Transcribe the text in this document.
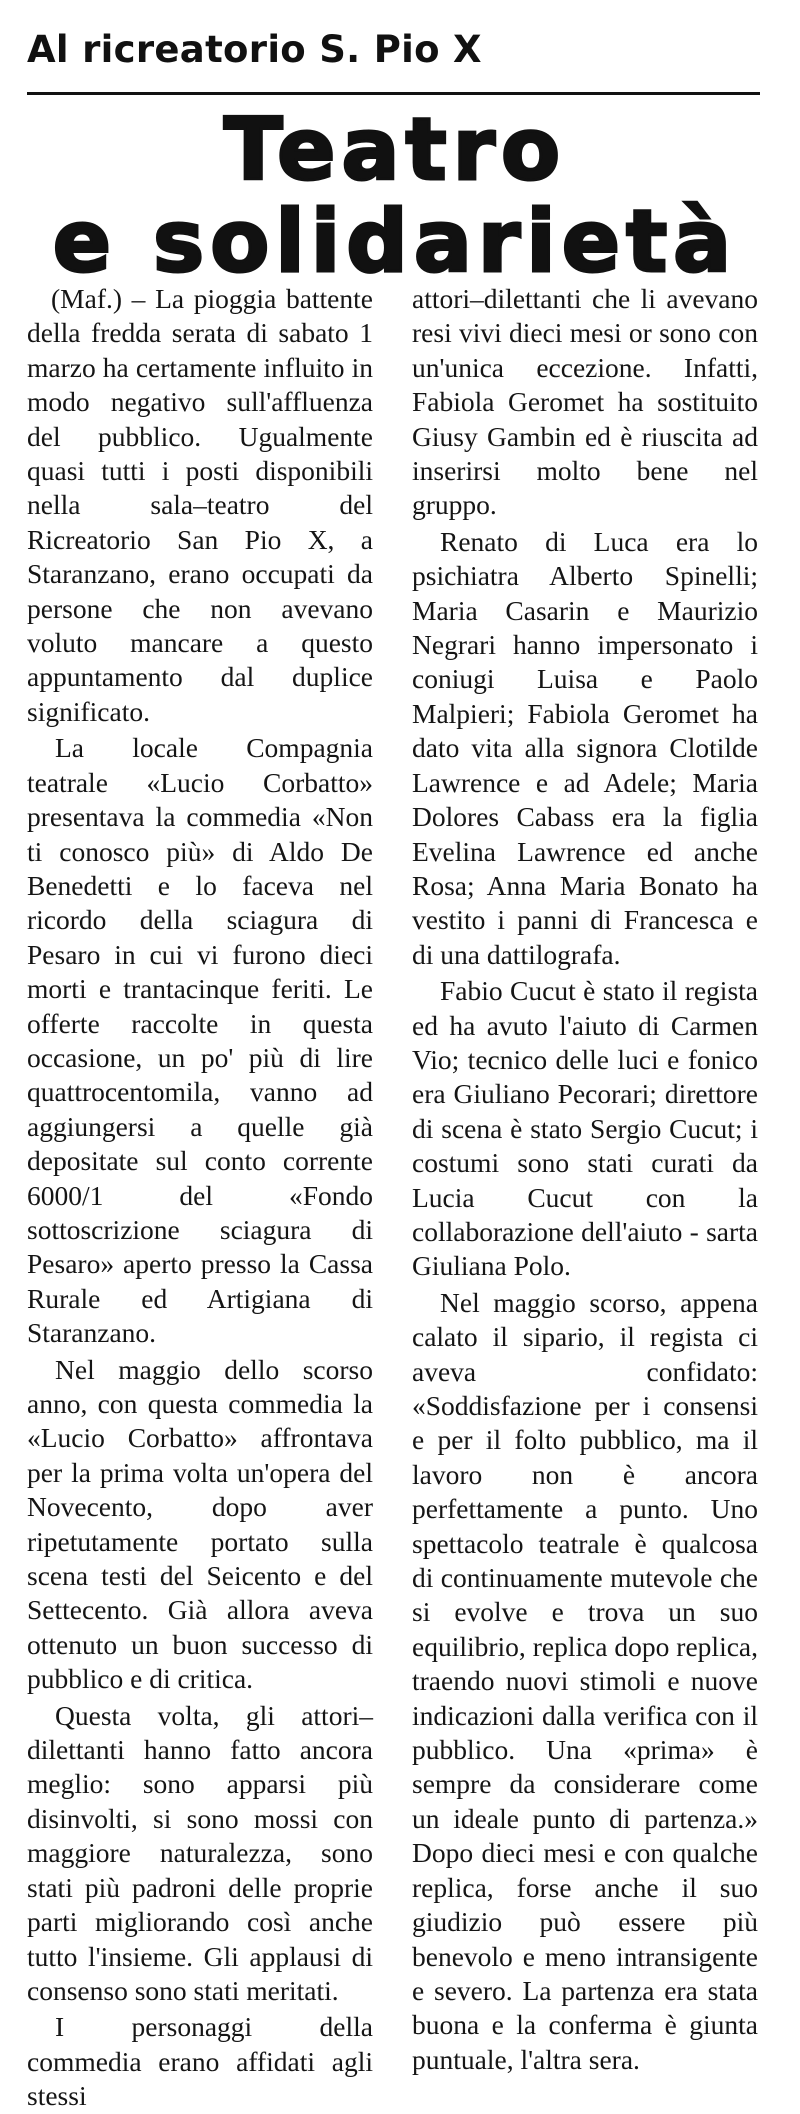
Al ricreatorio S. Pio X
Teatro
e solidarietà

(Maf.) – La pioggia battente della fredda serata di sabato 1 marzo ha certamente influito in modo negativo sull'affluenza del pubblico. Ugualmente quasi tutti i posti disponibili nella sala–teatro del Ricreatorio San Pio X, a Staranzano, erano occupati da persone che non avevano voluto mancare a questo appuntamento dal duplice significato.

La locale Compagnia teatrale «Lucio Corbatto» presentava la commedia «Non ti conosco più» di Aldo De Benedetti e lo faceva nel ricordo della sciagura di Pesaro in cui vi furono dieci morti e trantacinque feriti. Le offerte raccolte in questa occasione, un po' più di lire quattrocentomila, vanno ad aggiungersi a quelle già depositate sul conto corrente 6000/1 del «Fondo sottoscrizione sciagura di Pesaro» aperto presso la Cassa Rurale ed Artigiana di Staranzano.

Nel maggio dello scorso anno, con questa commedia la «Lucio Corbatto» affrontava per la prima volta un'opera del Novecento, dopo aver ripetutamente portato sulla scena testi del Seicento e del Settecento. Già allora aveva ottenuto un buon successo di pubblico e di critica.

Questa volta, gli attori–dilettanti hanno fatto ancora meglio: sono apparsi più disinvolti, si sono mossi con maggiore naturalezza, sono stati più padroni delle proprie parti migliorando così anche tutto l'insieme. Gli applausi di consenso sono stati meritati.

I personaggi della commedia erano affidati agli stessi

attori–dilettanti che li avevano resi vivi dieci mesi or sono con un'unica eccezione. Infatti, Fabiola Geromet ha sostituito Giusy Gambin ed è riuscita ad inserirsi molto bene nel gruppo.

Renato di Luca era lo psichiatra Alberto Spinelli; Maria Casarin e Maurizio Negrari hanno impersonato i coniugi Luisa e Paolo Malpieri; Fabiola Geromet ha dato vita alla signora Clotilde Lawrence e ad Adele; Maria Dolores Cabass era la figlia Evelina Lawrence ed anche Rosa; Anna Maria Bonato ha vestito i panni di Francesca e di una dattilografa.

Fabio Cucut è stato il regista ed ha avuto l'aiuto di Carmen Vio; tecnico delle luci e fonico era Giuliano Pecorari; direttore di scena è stato Sergio Cucut; i costumi sono stati curati da Lucia Cucut con la collaborazione dell'aiuto - sarta Giuliana Polo.

Nel maggio scorso, appena calato il sipario, il regista ci aveva confidato: «Soddisfazione per i consensi e per il folto pubblico, ma il lavoro non è ancora perfettamente a punto. Uno spettacolo teatrale è qualcosa di continuamente mutevole che si evolve e trova un suo equilibrio, replica dopo replica, traendo nuovi stimoli e nuove indicazioni dalla verifica con il pubblico. Una «prima» è sempre da considerare come un ideale punto di partenza.» Dopo dieci mesi e con qualche replica, forse anche il suo giudizio può essere più benevolo e meno intransigente e severo. La partenza era stata buona e la conferma è giunta puntuale, l'altra sera.
